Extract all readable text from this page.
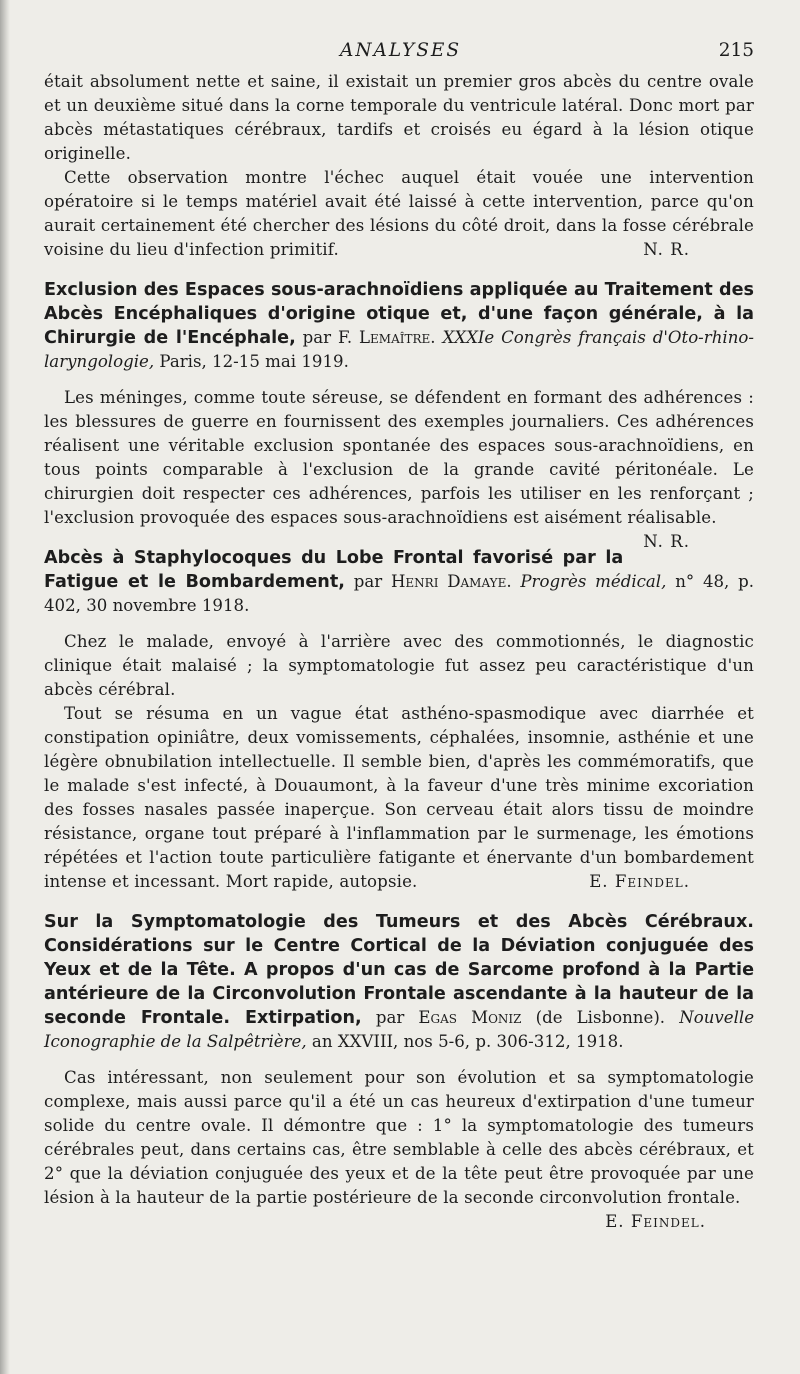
ANALYSES	215

était absolument nette et saine, il existait un premier gros abcès du centre ovale et un deuxième situé dans la corne temporale du ventricule latéral. Donc mort par abcès métastatiques cérébraux, tardifs et croisés eu égard à la lésion otique originelle.

Cette observation montre l'échec auquel était vouée une intervention opératoire si le temps matériel avait été laissé à cette intervention, parce qu'on aurait certainement été chercher des lésions du côté droit, dans la fosse cérébrale voisine du lieu d'infection primitif.	N. R.

Exclusion des Espaces sous-arachnoïdiens appliquée au Traitement des Abcès Encéphaliques d'origine otique et, d'une façon générale, à la Chirurgie de l'Encéphale, par F. Lemaître. XXXIe Congrès français d'Oto-rhino-laryngologie, Paris, 12-15 mai 1919.

Les méninges, comme toute séreuse, se défendent en formant des adhérences : les blessures de guerre en fournissent des exemples journaliers. Ces adhérences réalisent une véritable exclusion spontanée des espaces sous-arachnoïdiens, en tous points comparable à l'exclusion de la grande cavité péritonéale. Le chirurgien doit respecter ces adhérences, parfois les utiliser en les renforçant ; l'exclusion provoquée des espaces sous-arachnoïdiens est aisément réalisable.
N. R.

Abcès à Staphylocoques du Lobe Frontal favorisé par la Fatigue et le Bombardement, par Henri Damaye. Progrès médical, n° 48, p. 402, 30 novembre 1918.

Chez le malade, envoyé à l'arrière avec des commotionnés, le diagnostic clinique était malaisé ; la symptomatologie fut assez peu caractéristique d'un abcès cérébral.

Tout se résuma en un vague état asthéno-spasmodique avec diarrhée et constipation opiniâtre, deux vomissements, céphalées, insomnie, asthénie et une légère obnubilation intellectuelle. Il semble bien, d'après les commémoratifs, que le malade s'est infecté, à Douaumont, à la faveur d'une très minime excoriation des fosses nasales passée inaperçue. Son cerveau était alors tissu de moindre résistance, organe tout préparé à l'inflammation par le surmenage, les émotions répétées et l'action toute particulière fatigante et énervante d'un bombardement intense et incessant. Mort rapide, autopsie.	E. Feindel.

Sur la Symptomatologie des Tumeurs et des Abcès Cérébraux. Considérations sur le Centre Cortical de la Déviation conjuguée des Yeux et de la Tête. A propos d'un cas de Sarcome profond à la Partie antérieure de la Circonvolution Frontale ascendante à la hauteur de la seconde Frontale. Extirpation, par Egas Moniz (de Lisbonne). Nouvelle Iconographie de la Salpêtrière, an XXVIII, nos 5-6, p. 306-312, 1918.

Cas intéressant, non seulement pour son évolution et sa symptomatologie complexe, mais aussi parce qu'il a été un cas heureux d'extirpation d'une tumeur solide du centre ovale. Il démontre que : 1° la symptomatologie des tumeurs cérébrales peut, dans certains cas, être semblable à celle des abcès cérébraux, et 2° que la déviation conjuguée des yeux et de la tête peut être provoquée par une lésion à la hauteur de la partie postérieure de la seconde circonvolution frontale.

E. Feindel.
